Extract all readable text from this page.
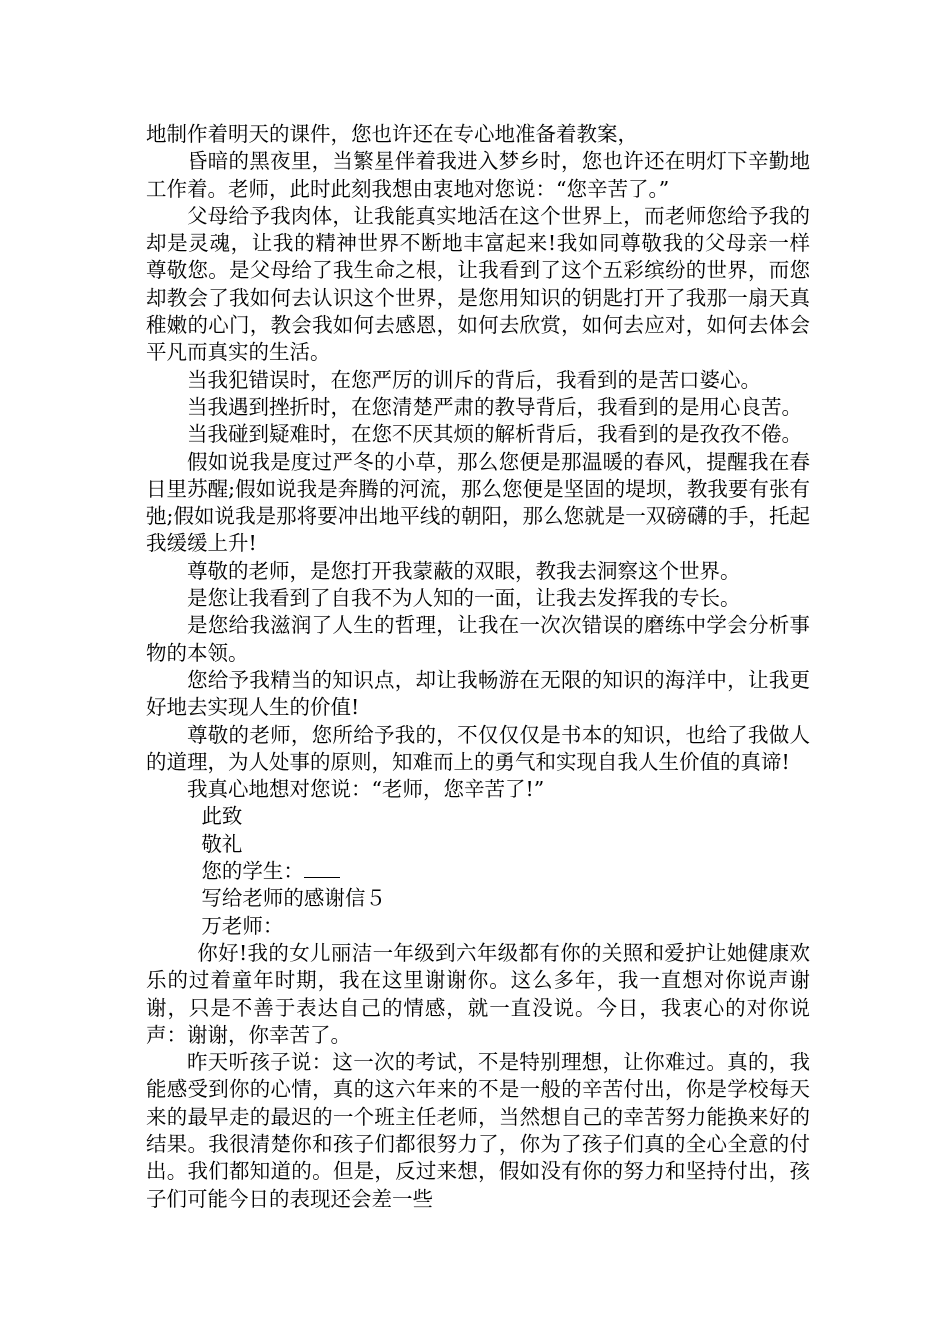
地制作着明天的课件，您也许还在专心地准备着教案，

昏暗的黑夜里，当繁星伴着我进入梦乡时，您也许还在明灯下辛勤地工作着。老师，此时此刻我想由衷地对您说：“您辛苦了。”

父母给予我肉体，让我能真实地活在这个世界上，而老师您给予我的却是灵魂，让我的精神世界不断地丰富起来!我如同尊敬我的父母亲一样尊敬您。是父母给了我生命之根，让我看到了这个五彩缤纷的世界，而您却教会了我如何去认识这个世界，是您用知识的钥匙打开了我那一扇天真稚嫩的心门，教会我如何去感恩，如何去欣赏，如何去应对，如何去体会平凡而真实的生活。

当我犯错误时，在您严厉的训斥的背后，我看到的是苦口婆心。

当我遇到挫折时，在您清楚严肃的教导背后，我看到的是用心良苦。

当我碰到疑难时，在您不厌其烦的解析背后，我看到的是孜孜不倦。

假如说我是度过严冬的小草，那么您便是那温暖的春风，提醒我在春日里苏醒;假如说我是奔腾的河流，那么您便是坚固的堤坝，教我要有张有弛;假如说我是那将要冲出地平线的朝阳，那么您就是一双磅礴的手，托起我缓缓上升!

尊敬的老师，是您打开我蒙蔽的双眼，教我去洞察这个世界。

是您让我看到了自我不为人知的一面，让我去发挥我的专长。

是您给我滋润了人生的哲理，让我在一次次错误的磨练中学会分析事物的本领。

您给予我精当的知识点，却让我畅游在无限的知识的海洋中，让我更好地去实现人生的价值!

尊敬的老师，您所给予我的，不仅仅仅是书本的知识，也给了我做人的道理，为人处事的原则，知难而上的勇气和实现自我人生价值的真谛!

我真心地想对您说：“老师，您辛苦了!”

此致

敬礼

您的学生：

写给老师的感谢信５

万老师：

你好!我的女儿丽洁一年级到六年级都有你的关照和爱护让她健康欢乐的过着童年时期，我在这里谢谢你。这么多年，我一直想对你说声谢谢，只是不善于表达自己的情感，就一直没说。今日，我衷心的对你说声：谢谢，你幸苦了。

昨天听孩子说：这一次的考试，不是特别理想，让你难过。真的，我能感受到你的心情，真的这六年来的不是一般的辛苦付出，你是学校每天来的最早走的最迟的一个班主任老师，当然想自己的幸苦努力能换来好的结果。我很清楚你和孩子们都很努力了，你为了孩子们真的全心全意的付出。我们都知道的。但是，反过来想，假如没有你的努力和坚持付出，孩子们可能今日的表现还会差一些
